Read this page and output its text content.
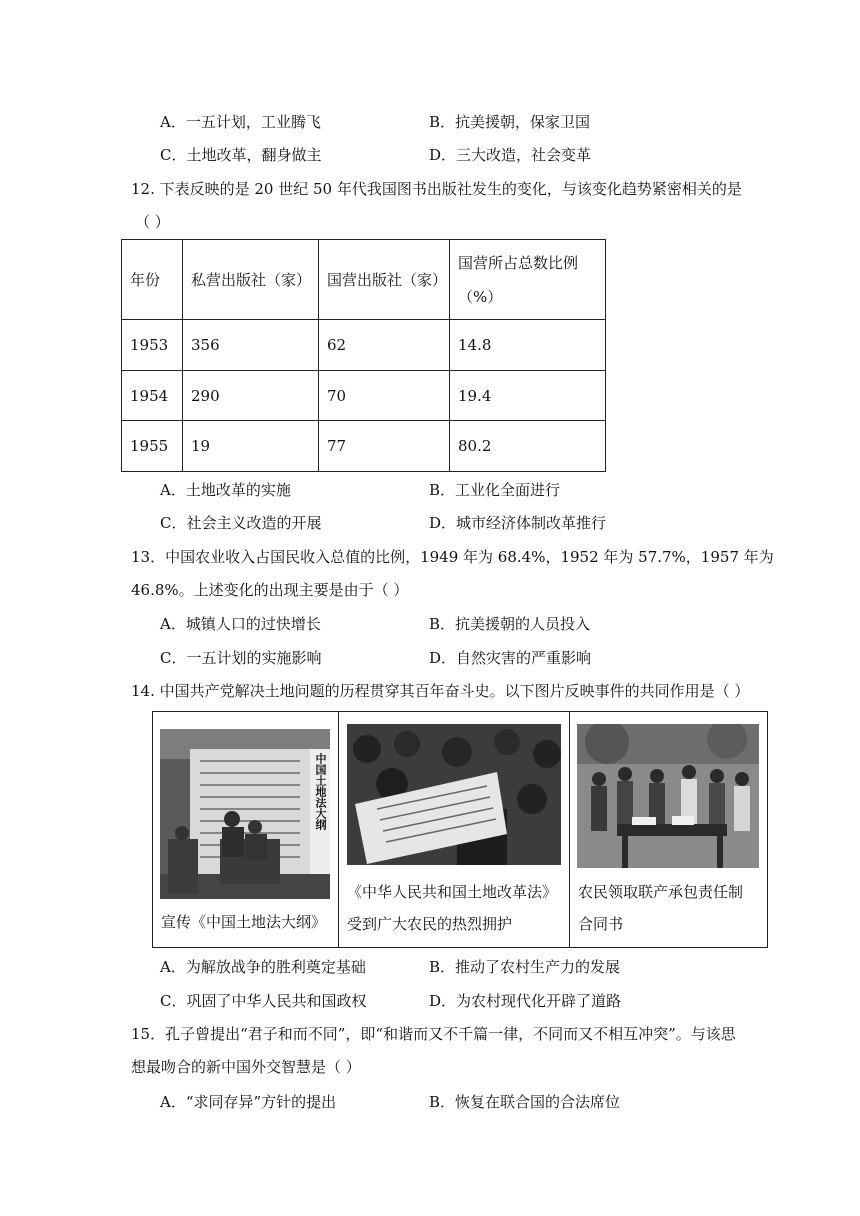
A．一五计划，工业腾飞	B．抗美援朝，保家卫国
C．土地改革，翻身做主	D．三大改造，社会变革
12. 下表反映的是 20 世纪 50 年代我国图书出版社发生的变化，与该变化趋势紧密相关的是
（ ）
年份	私营出版社（家）	国营出版社（家）	国营所占总数比例
（%）
1953	356	62	14.8
1954	290	70	19.4
1955	19	77	80.2
A．土地改革的实施	B．工业化全面进行
C．社会主义改造的开展	D．城市经济体制改革推行
13．中国农业收入占国民收入总值的比例，1949 年为 68.4%，1952 年为 57.7%，1957 年为
46.8%。上述变化的出现主要是由于（ ）
A．城镇人口的过快增长	B．抗美援朝的人员投入
C．一五计划的实施影响	D．自然灾害的严重影响
14. 中国共产党解决土地问题的历程贯穿其百年奋斗史。以下图片反映事件的共同作用是（ ）
中国土地法大纲
宣传《中国土地法大纲》
《中华人民共和国土地改革法》
受到广大农民的热烈拥护
农民领取联产承包责任制
合同书
A．为解放战争的胜利奠定基础	B．推动了农村生产力的发展
C．巩固了中华人民共和国政权	D．为农村现代化开辟了道路
15．孔子曾提出“君子和而不同”，即“和谐而又不千篇一律，不同而又不相互冲突”。与该思
想最吻合的新中国外交智慧是（ ）
A．“求同存异”方针的提出	B．恢复在联合国的合法席位
